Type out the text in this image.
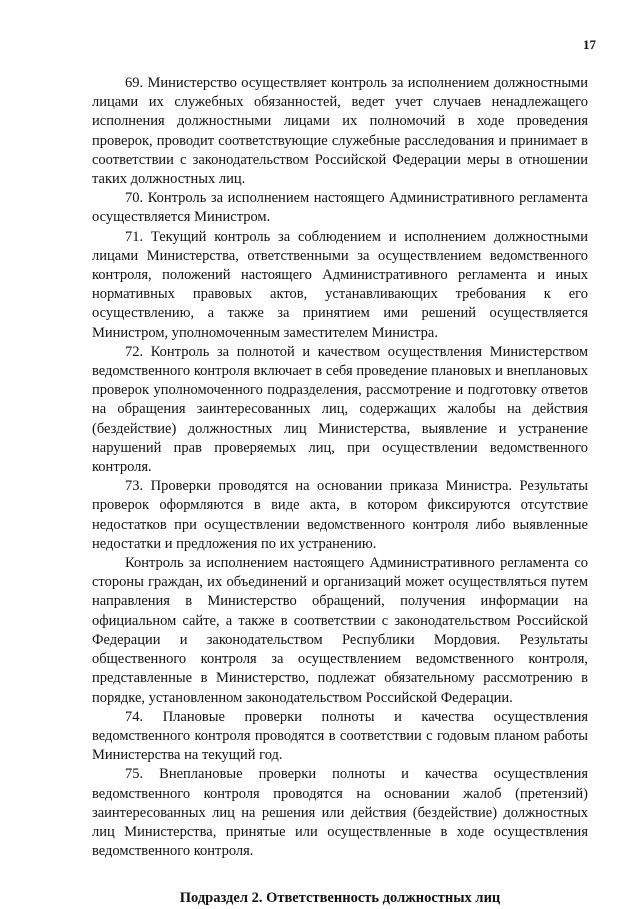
17

69. Министерство осуществляет контроль за исполнением должностными лицами их служебных обязанностей, ведет учет случаев ненадлежащего исполнения должностными лицами их полномочий в ходе проведения проверок, проводит соответствующие служебные расследования и принимает в соответствии с законодательством Российской Федерации меры в отношении таких должностных лиц.

70. Контроль за исполнением настоящего Административного регламента осуществляется Министром.

71. Текущий контроль за соблюдением и исполнением должностными лицами Министерства, ответственными за осуществлением ведомственного контроля, положений настоящего Административного регламента и иных нормативных правовых актов, устанавливающих требования к его осуществлению, а также за принятием ими решений осуществляется Министром, уполномоченным заместителем Министра.

72. Контроль за полнотой и качеством осуществления Министерством ведомственного контроля включает в себя проведение плановых и внеплановых проверок уполномоченного подразделения, рассмотрение и подготовку ответов на обращения заинтересованных лиц, содержащих жалобы на действия (бездействие) должностных лиц Министерства, выявление и устранение нарушений прав проверяемых лиц, при осуществлении ведомственного контроля.

73. Проверки проводятся на основании приказа Министра. Результаты проверок оформляются в виде акта, в котором фиксируются отсутствие недостатков при осуществлении ведомственного контроля либо выявленные недостатки и предложения по их устранению.

Контроль за исполнением настоящего Административного регламента со стороны граждан, их объединений и организаций может осуществляться путем направления в Министерство обращений, получения информации на официальном сайте, а также в соответствии с законодательством Российской Федерации и законодательством Республики Мордовия. Результаты общественного контроля за осуществлением ведомственного контроля, представленные в Министерство, подлежат обязательному рассмотрению в порядке, установленном законодательством Российской Федерации.

74. Плановые проверки полноты и качества осуществления ведомственного контроля проводятся в соответствии с годовым планом работы Министерства на текущий год.

75. Внеплановые проверки полноты и качества осуществления ведомственного контроля проводятся на основании жалоб (претензий) заинтересованных лиц на решения или действия (бездействие) должностных лиц Министерства, принятые или осуществленные в ходе осуществления ведомственного контроля.

Подраздел 2. Ответственность должностных лиц
